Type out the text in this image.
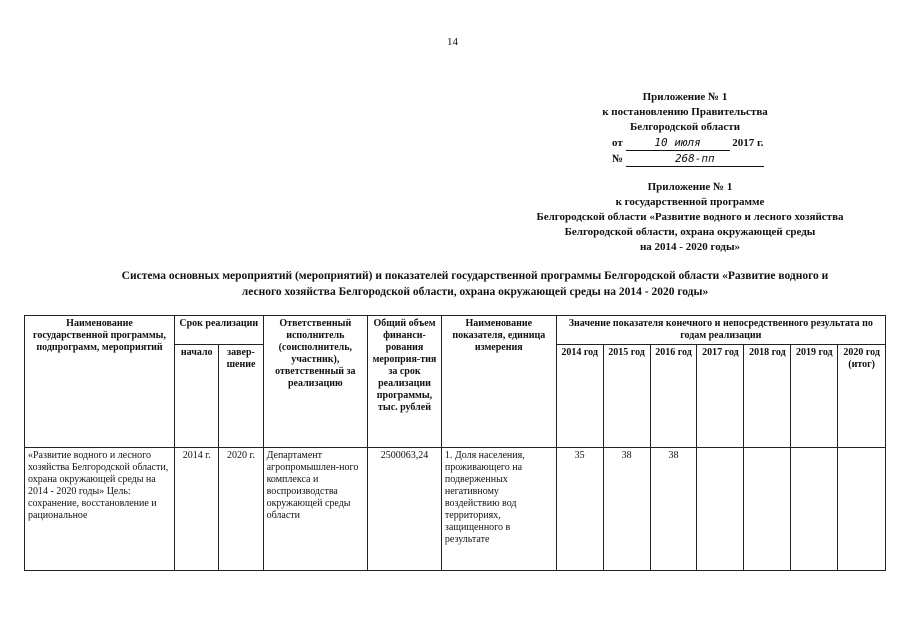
14
Приложение № 1
к постановлению Правительства
Белгородской области
от	10 июля	2017 г.
№	268-пп
Приложение № 1
к государственной программе
Белгородской области «Развитие водного и лесного хозяйства
Белгородской области, охрана окружающей среды
на 2014 - 2020 годы»
Система основных мероприятий (мероприятий) и показателей государственной программы Белгородской области «Развитие водного и
лесного хозяйства Белгородской области, охрана окружающей среды на 2014 - 2020 годы»
Наименование государственной программы, подпрограмм, мероприятий	Срок реализации		Ответственный исполнитель (соисполнитель, участник), ответственный за реализацию	Общий объем финанси-рования мероприя-тия за срок реализации программы, тыс. рублей	Наименование показателя, единица измерения	Значение показателя конечного и непосредственного результата по годам реализации						
	начало	завер-шение				2014 год	2015 год	2016 год	2017 год	2018 год	2019 год	2020 год (итог)
«Развитие водного и лесного хозяйства Белгородской области, охрана окружающей среды на 2014 - 2020 годы» Цель: сохранение, восстановление и рациональное	2014 г.	2020 г.	Департамент агропромышлен-ного комплекса и воспроизводства окружающей среды области	2500063,24	1. Доля населения, проживающего на подверженных негативному воздействию вод территориях, защищенного в результате	35	38	38				
